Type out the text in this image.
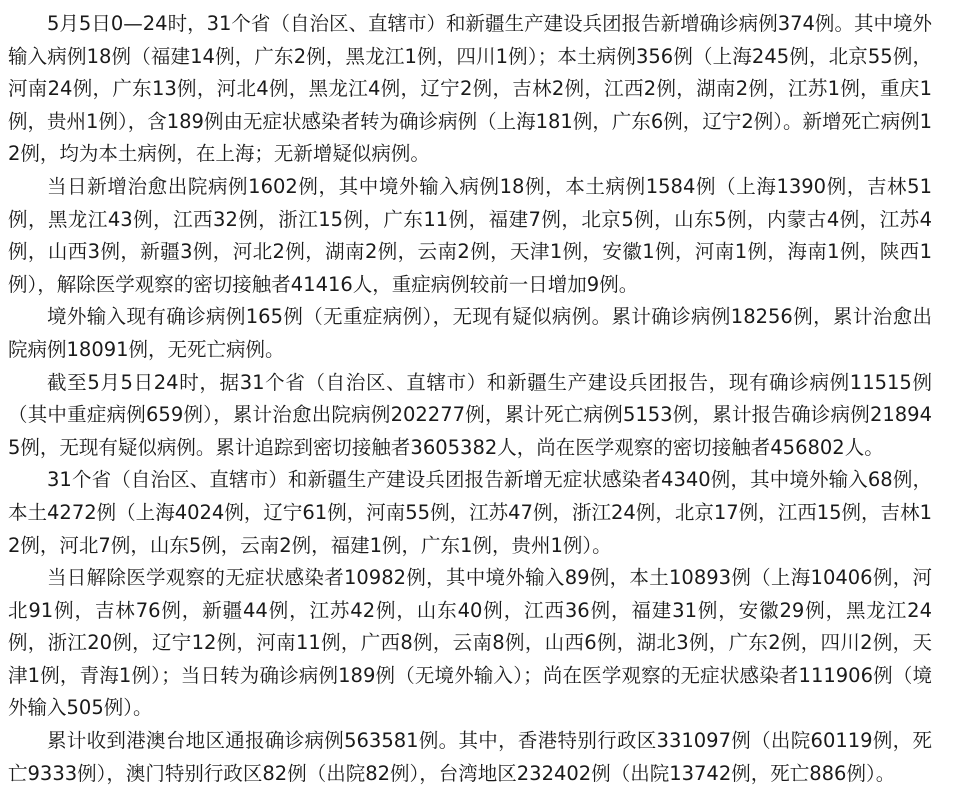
5月5日0—24时，31个省（自治区、直辖市）和新疆生产建设兵团报告新增确诊病例374例。其中境外输入病例18例（福建14例，广东2例，黑龙江1例，四川1例）；本土病例356例（上海245例，北京55例，河南24例，广东13例，河北4例，黑龙江4例，辽宁2例，吉林2例，江西2例，湖南2例，江苏1例，重庆1例，贵州1例），含189例由无症状感染者转为确诊病例（上海181例，广东6例，辽宁2例）。新增死亡病例12例，均为本土病例，在上海；无新增疑似病例。

当日新增治愈出院病例1602例，其中境外输入病例18例，本土病例1584例（上海1390例，吉林51例，黑龙江43例，江西32例，浙江15例，广东11例，福建7例，北京5例，山东5例，内蒙古4例，江苏4例，山西3例，新疆3例，河北2例，湖南2例，云南2例，天津1例，安徽1例，河南1例，海南1例，陕西1例），解除医学观察的密切接触者41416人，重症病例较前一日增加9例。

境外输入现有确诊病例165例（无重症病例），无现有疑似病例。累计确诊病例18256例，累计治愈出院病例18091例，无死亡病例。

截至5月5日24时，据31个省（自治区、直辖市）和新疆生产建设兵团报告，现有确诊病例11515例（其中重症病例659例），累计治愈出院病例202277例，累计死亡病例5153例，累计报告确诊病例218945例，无现有疑似病例。累计追踪到密切接触者3605382人，尚在医学观察的密切接触者456802人。

31个省（自治区、直辖市）和新疆生产建设兵团报告新增无症状感染者4340例，其中境外输入68例，本土4272例（上海4024例，辽宁61例，河南55例，江苏47例，浙江24例，北京17例，江西15例，吉林12例，河北7例，山东5例，云南2例，福建1例，广东1例，贵州1例）。

当日解除医学观察的无症状感染者10982例，其中境外输入89例，本土10893例（上海10406例，河北91例，吉林76例，新疆44例，江苏42例，山东40例，江西36例，福建31例，安徽29例，黑龙江24例，浙江20例，辽宁12例，河南11例，广西8例，云南8例，山西6例，湖北3例，广东2例，四川2例，天津1例，青海1例）；当日转为确诊病例189例（无境外输入）；尚在医学观察的无症状感染者111906例（境外输入505例）。

累计收到港澳台地区通报确诊病例563581例。其中，香港特别行政区331097例（出院60119例，死亡9333例），澳门特别行政区82例（出院82例），台湾地区232402例（出院13742例，死亡886例）。
